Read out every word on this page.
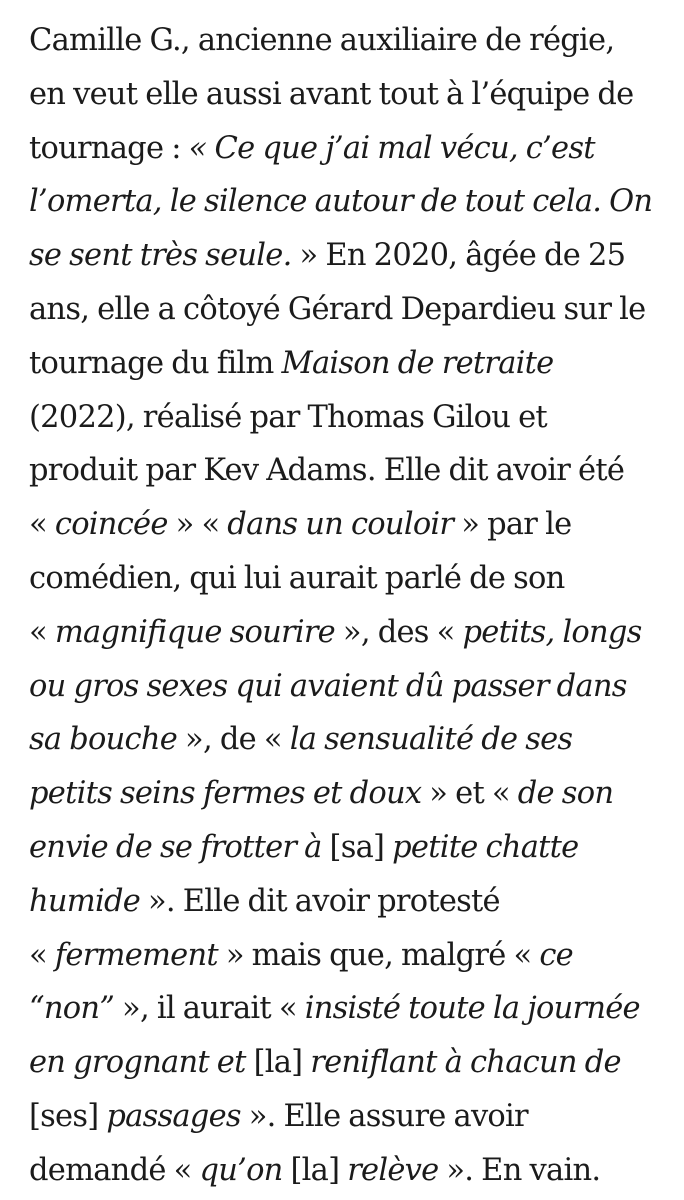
Camille G., ancienne auxiliaire de régie,
en veut elle aussi avant tout à l’équipe de
tournage : « Ce que j’ai mal vécu, c’est
l’omerta, le silence autour de tout cela. On
se sent très seule. » En 2020, âgée de 25
ans, elle a côtoyé Gérard Depardieu sur le
tournage du film Maison de retraite
(2022), réalisé par Thomas Gilou et
produit par Kev Adams. Elle dit avoir été
« coincée » « dans un couloir » par le
comédien, qui lui aurait parlé de son
« magnifique sourire », des « petits, longs
ou gros sexes qui avaient dû passer dans
sa bouche », de « la sensualité de ses
petits seins fermes et doux » et « de son
envie de se frotter à [sa] petite chatte
humide ». Elle dit avoir protesté
« fermement » mais que, malgré « ce
“non” », il aurait « insisté toute la journée
en grognant et [la] reniflant à chacun de
[ses] passages ». Elle assure avoir
demandé « qu’on [la] relève ». En vain.
